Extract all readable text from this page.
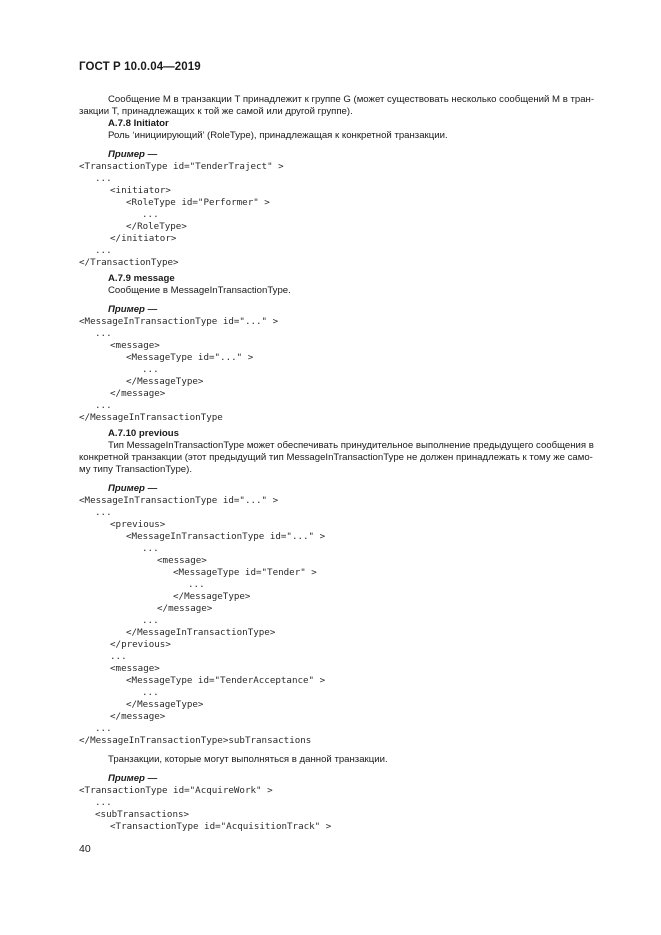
ГОСТ Р 10.0.04—2019
Сообщение M в транзакции T принадлежит к группе G (может существовать несколько сообщений M в тран-
закции T, принадлежащих к той же самой или другой группе).
A.7.8 Initiator
Роль ‘инициирующий’ (RoleType), принадлежащая к конкретной транзакции.
Пример —
<TransactionType id="TenderTraject" >
...
<initiator>
<RoleType id="Performer" >
...
</RoleType>
</initiator>
...
</TransactionType>
A.7.9 message
Сообщение в MessageInTransactionType.
Пример —
<MessageInTransactionType id="..." >
...
<message>
<MessageType id="..." >
...
</MessageType>
</message>
...
</MessageInTransactionType
A.7.10 previous
Тип MessageInTransactionType может обеспечивать принудительное выполнение предыдущего сообщения в
конкретной транзакции (этот предыдущий тип MessageInTransactionType не должен принадлежать к тому же само-
му типу TransactionType).
Пример —
<MessageInTransactionType id="..." >
...
<previous>
<MessageInTransactionType id="..." >
...
<message>
<MessageType id="Tender" >
...
</MessageType>
</message>
...
</MessageInTransactionType>
</previous>
...
<message>
<MessageType id="TenderAcceptance" >
...
</MessageType>
</message>
...
</MessageInTransactionType>subTransactions
Транзакции, которые могут выполняться в данной транзакции.
Пример —
<TransactionType id="AcquireWork" >
...
<subTransactions>
<TransactionType id="AcquisitionTrack" >
40
